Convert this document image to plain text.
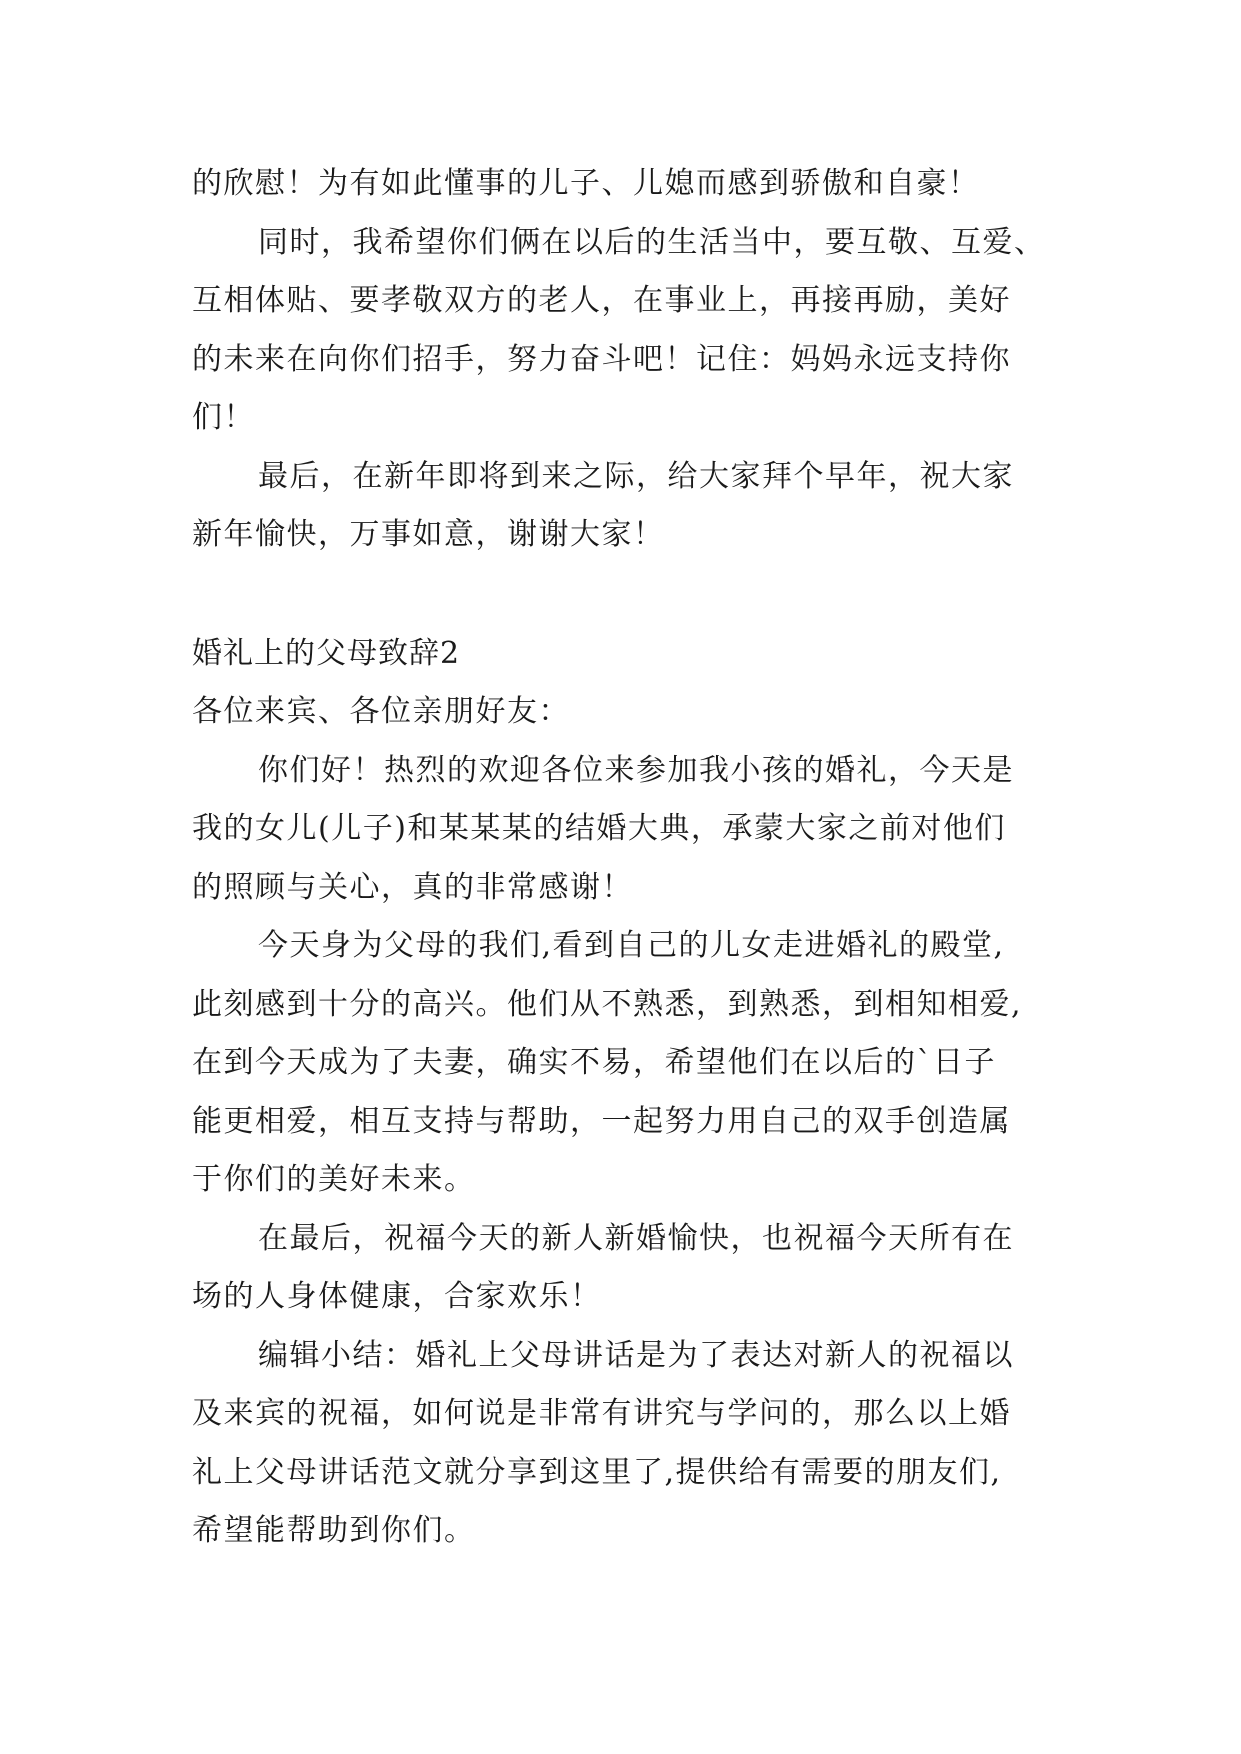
的欣慰！为有如此懂事的儿子、儿媳而感到骄傲和自豪！
同时，我希望你们俩在以后的生活当中，要互敬、互爱、
互相体贴、要孝敬双方的老人，在事业上，再接再励，美好
的未来在向你们招手，努力奋斗吧！记住：妈妈永远支持你
们！
最后，在新年即将到来之际，给大家拜个早年，祝大家
新年愉快，万事如意，谢谢大家！
婚礼上的父母致辞2
各位来宾、各位亲朋好友：
你们好！热烈的欢迎各位来参加我小孩的婚礼，今天是
我的女儿(儿子)和某某某的结婚大典，承蒙大家之前对他们
的照顾与关心，真的非常感谢！
今天身为父母的我们,看到自己的儿女走进婚礼的殿堂,
此刻感到十分的高兴。他们从不熟悉，到熟悉，到相知相爱,
在到今天成为了夫妻，确实不易，希望他们在以后的`日子
能更相爱，相互支持与帮助，一起努力用自己的双手创造属
于你们的美好未来。
在最后，祝福今天的新人新婚愉快，也祝福今天所有在
场的人身体健康，合家欢乐！
编辑小结：婚礼上父母讲话是为了表达对新人的祝福以
及来宾的祝福，如何说是非常有讲究与学问的，那么以上婚
礼上父母讲话范文就分享到这里了,提供给有需要的朋友们,
希望能帮助到你们。
